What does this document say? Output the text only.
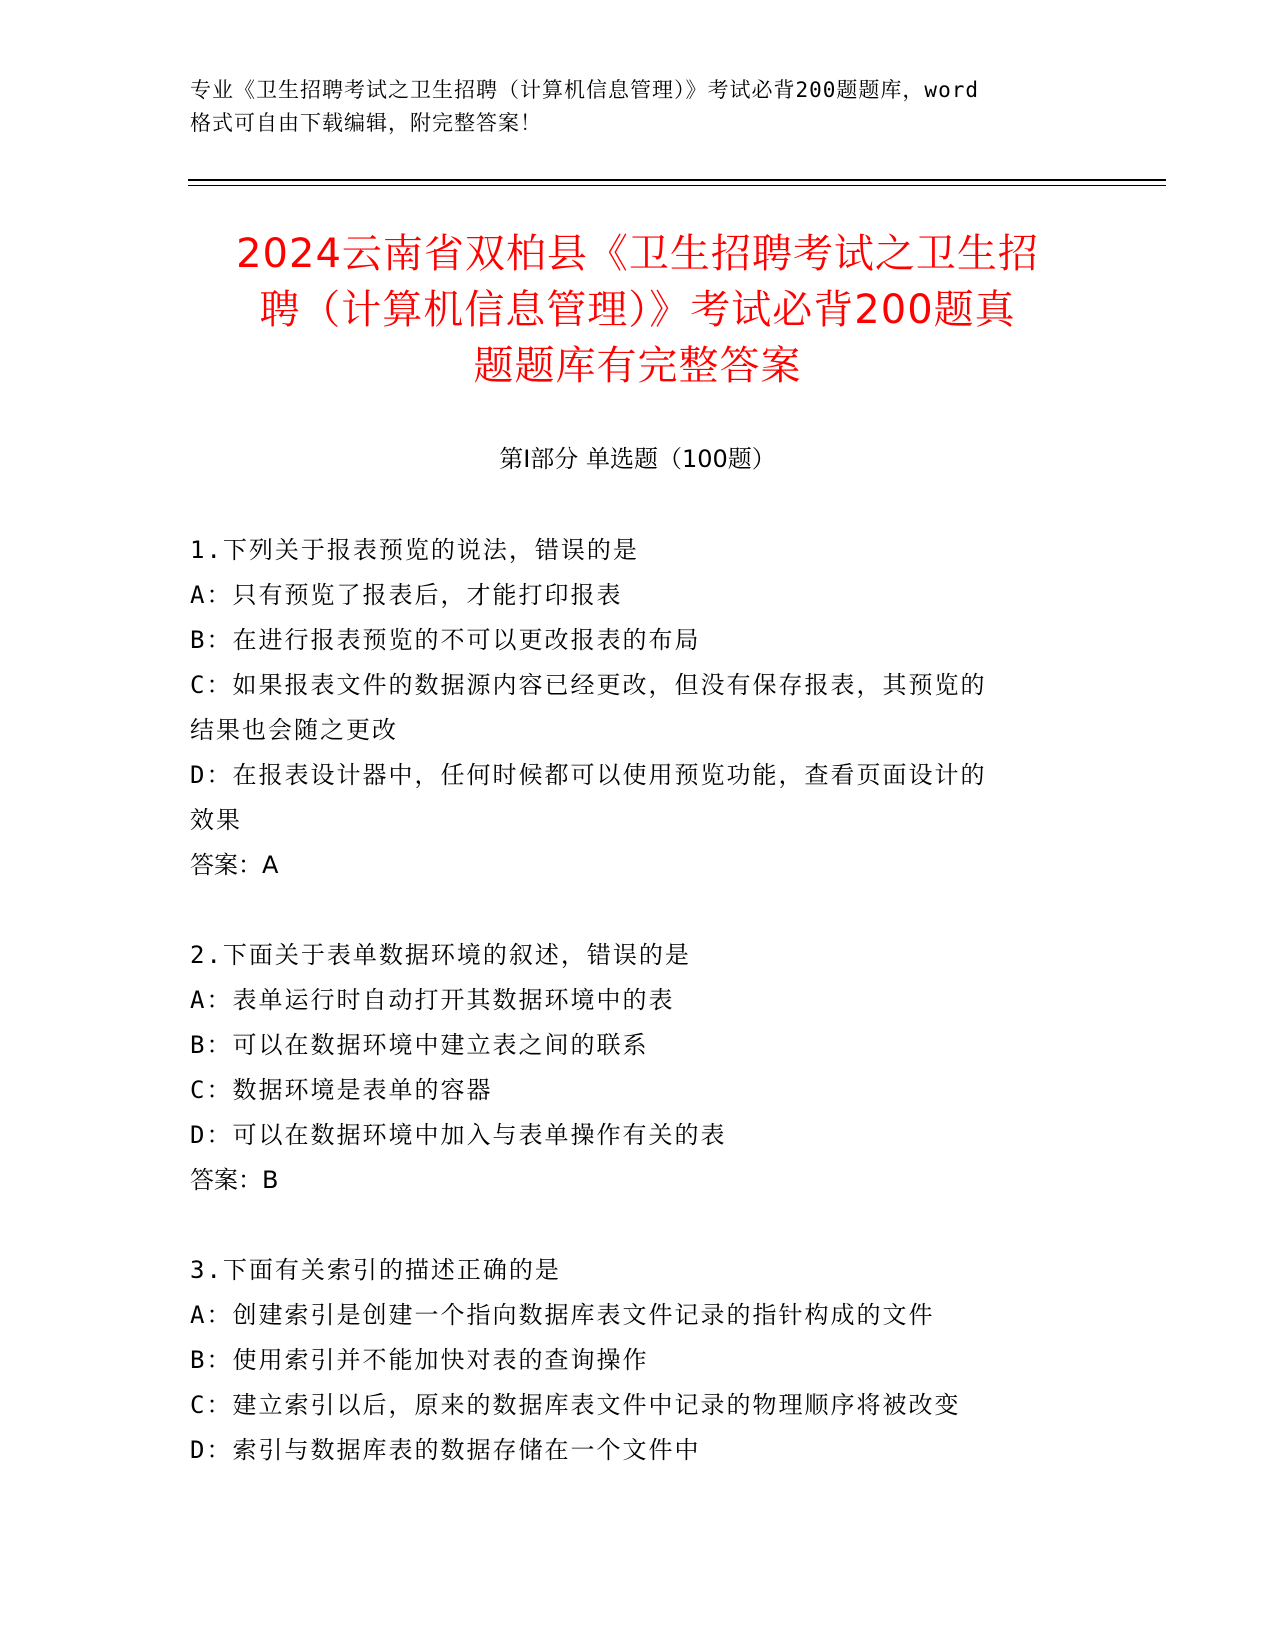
专业《卫生招聘考试之卫生招聘（计算机信息管理）》考试必背200题题库，word
格式可自由下载编辑，附完整答案！
2024云南省双柏县《卫生招聘考试之卫生招
聘（计算机信息管理）》考试必背200题真
题题库有完整答案
第I部分 单选题（100题）
1.下列关于报表预览的说法，错误的是
A：只有预览了报表后，才能打印报表
B：在进行报表预览的不可以更改报表的布局
C：如果报表文件的数据源内容已经更改，但没有保存报表，其预览的
结果也会随之更改
D：在报表设计器中，任何时候都可以使用预览功能，查看页面设计的
效果
答案：A
2.下面关于表单数据环境的叙述，错误的是
A：表单运行时自动打开其数据环境中的表
B：可以在数据环境中建立表之间的联系
C：数据环境是表单的容器
D：可以在数据环境中加入与表单操作有关的表
答案：B
3.下面有关索引的描述正确的是
A：创建索引是创建一个指向数据库表文件记录的指针构成的文件
B：使用索引并不能加快对表的查询操作
C：建立索引以后，原来的数据库表文件中记录的物理顺序将被改变
D：索引与数据库表的数据存储在一个文件中
